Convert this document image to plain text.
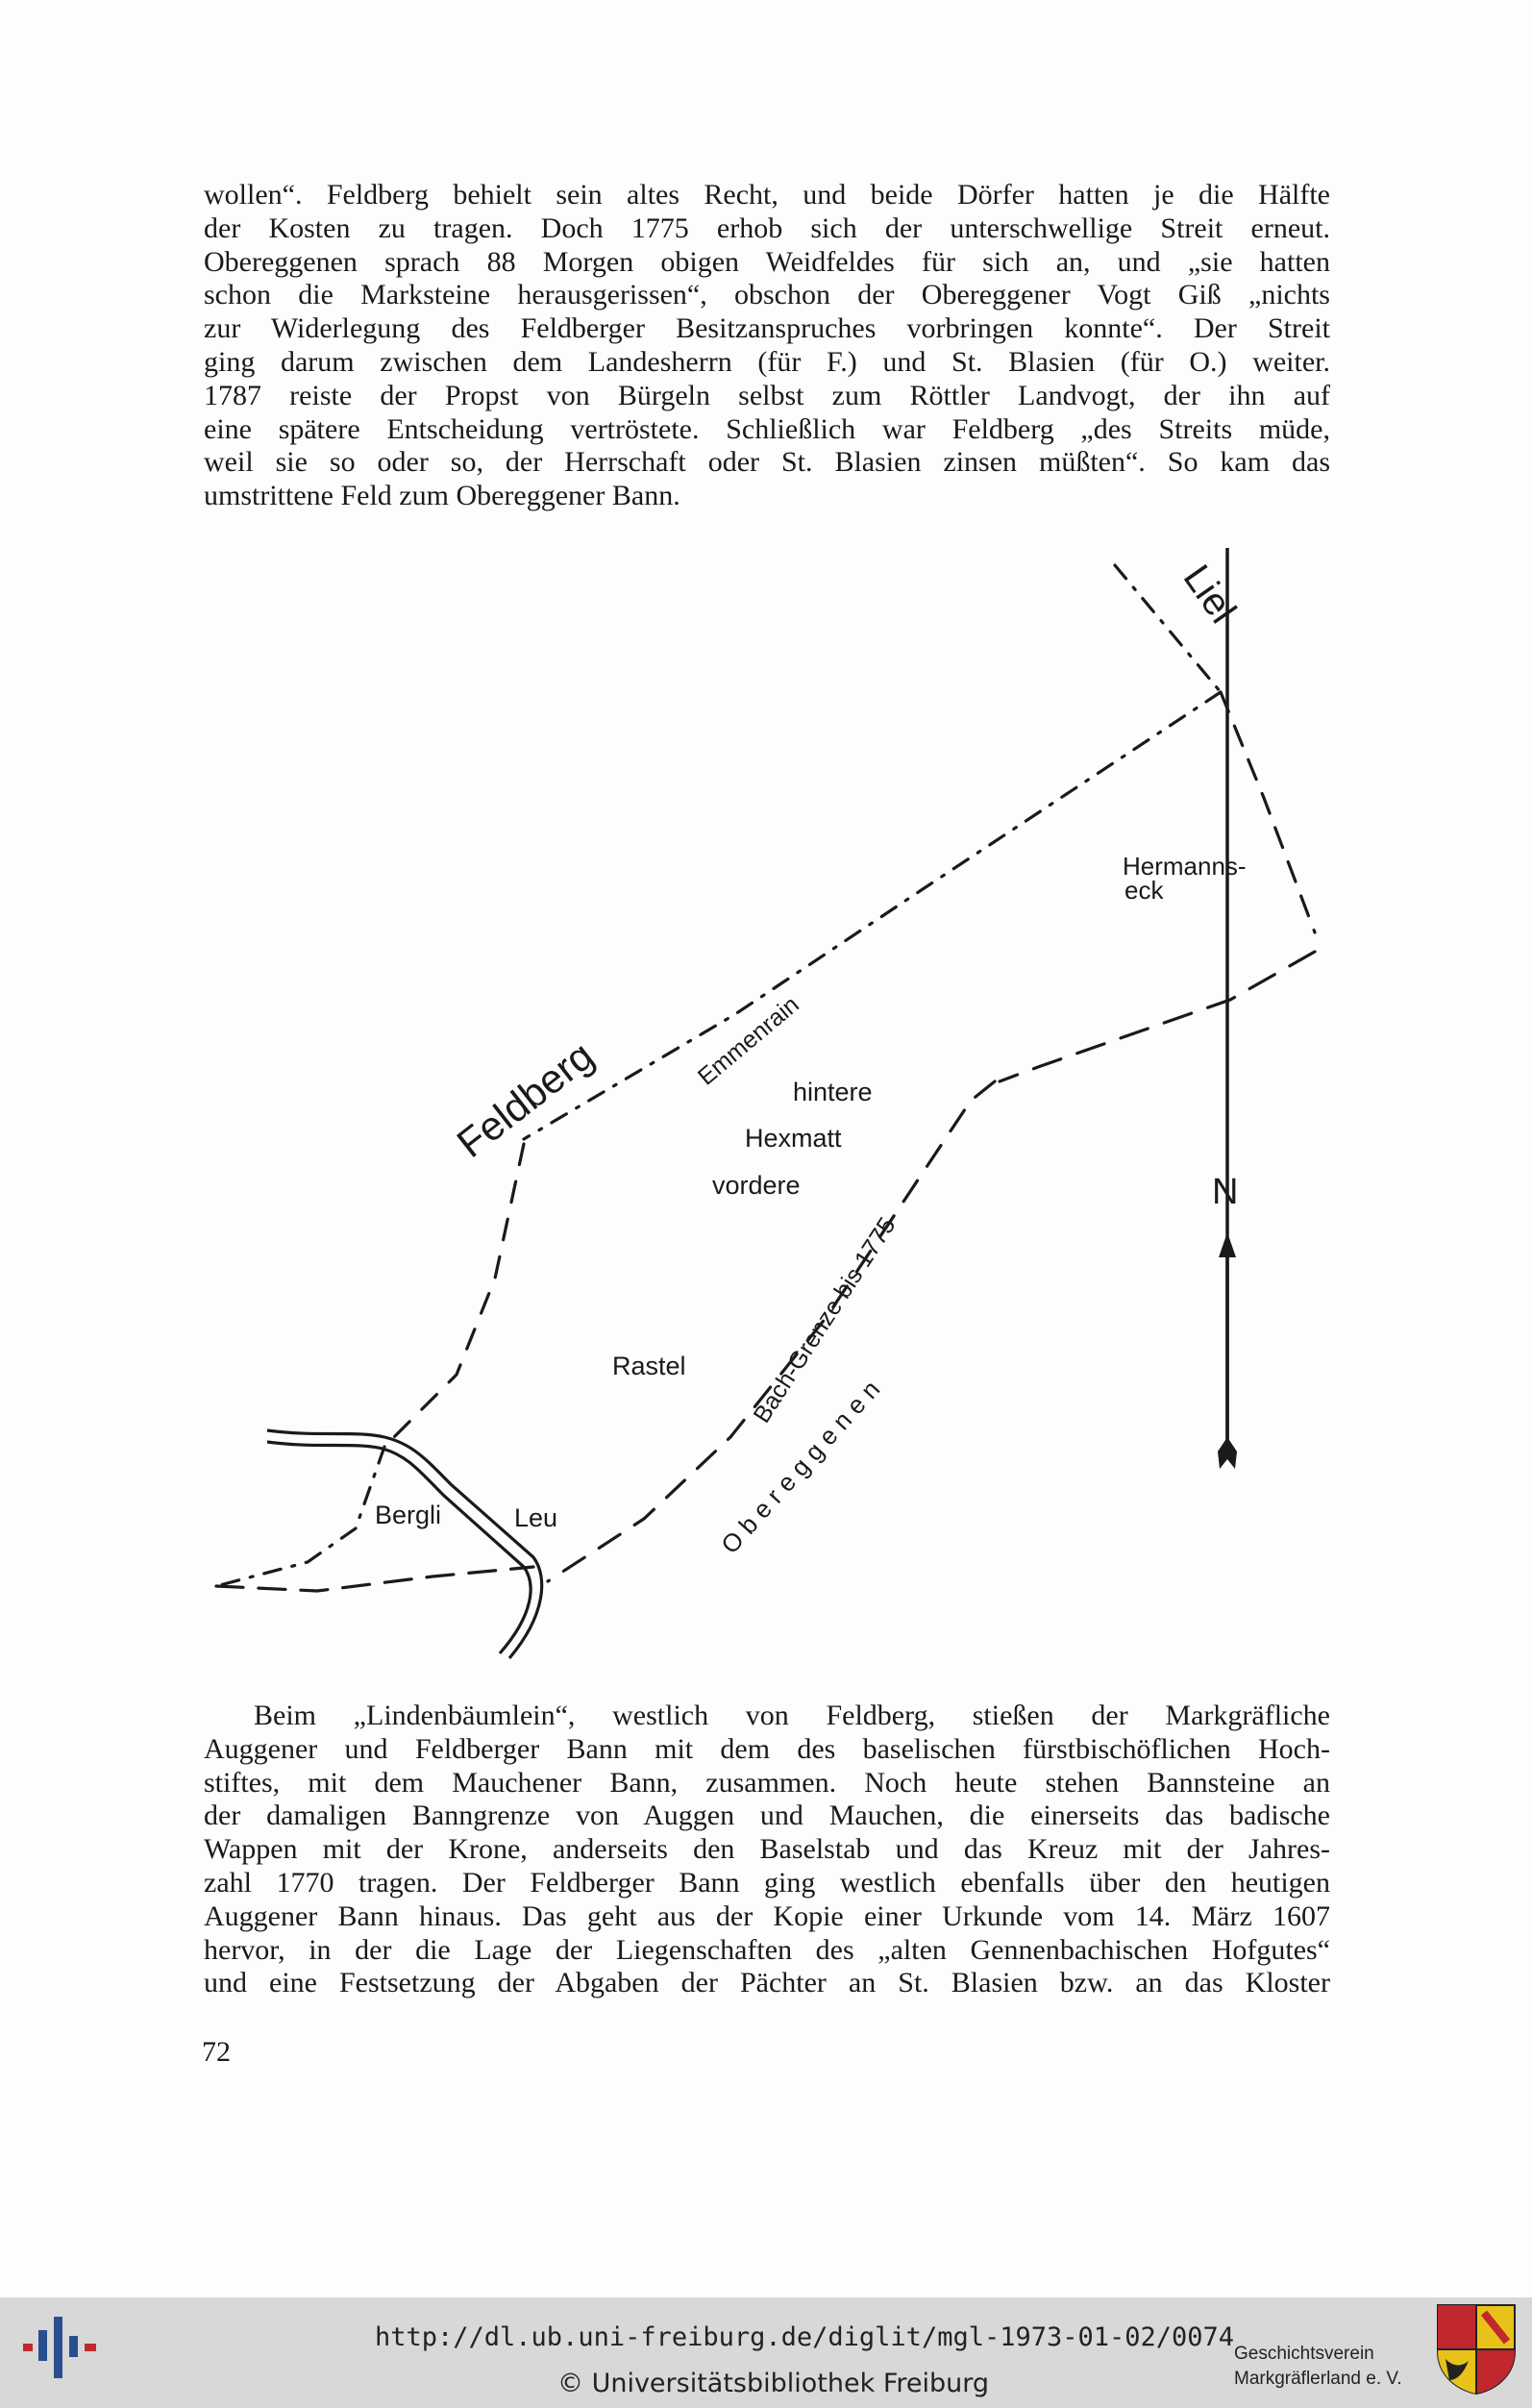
wollen“. Feldberg behielt sein altes Recht, und beide Dörfer hatten je die Hälfte
der Kosten zu tragen. Doch 1775 erhob sich der unterschwellige Streit erneut.
Obereggenen sprach 88 Morgen obigen Weidfeldes für sich an, und „sie hatten
schon die Marksteine herausgerissen“, obschon der Obereggener Vogt Giß „nichts
zur Widerlegung des Feldberger Besitzanspruches vorbringen konnte“. Der Streit
ging darum zwischen dem Landesherrn (für F.) und St. Blasien (für O.) weiter.
1787 reiste der Propst von Bürgeln selbst zum Röttler Landvogt, der ihn auf
eine spätere Entscheidung vertröstete. Schließlich war Feldberg „des Streits müde,
weil sie so oder so, der Herrschaft oder St. Blasien zinsen müßten“. So kam das
umstrittene Feld zum Obereggener Bann.

N
Liel
Feldberg	Emmenrain
Hermanns-
eck
hintere
Hexmatt
vordere
Bach-Grenze bis 1775
Rastel
O b e r e g g e n e n
Bergli	Leu

Beim „Lindenbäumlein“, westlich von Feldberg, stießen der Markgräfliche
Auggener und Feldberger Bann mit dem des baselischen fürstbischöflichen Hoch-
stiftes, mit dem Mauchener Bann, zusammen. Noch heute stehen Bannsteine an
der damaligen Banngrenze von Auggen und Mauchen, die einerseits das badische
Wappen mit der Krone, anderseits den Baselstab und das Kreuz mit der Jahres-
zahl 1770 tragen. Der Feldberger Bann ging westlich ebenfalls über den heutigen
Auggener Bann hinaus. Das geht aus der Kopie einer Urkunde vom 14. März 1607
hervor, in der die Lage der Liegenschaften des „alten Gennenbachischen Hofgutes“
und eine Festsetzung der Abgaben der Pächter an St. Blasien bzw. an das Kloster

72
http://dl.ub.uni-freiburg.de/diglit/mgl-1973-01-02/0074
© Universitätsbibliothek Freiburg
Geschichtsverein
Markgräflerland e. V.
